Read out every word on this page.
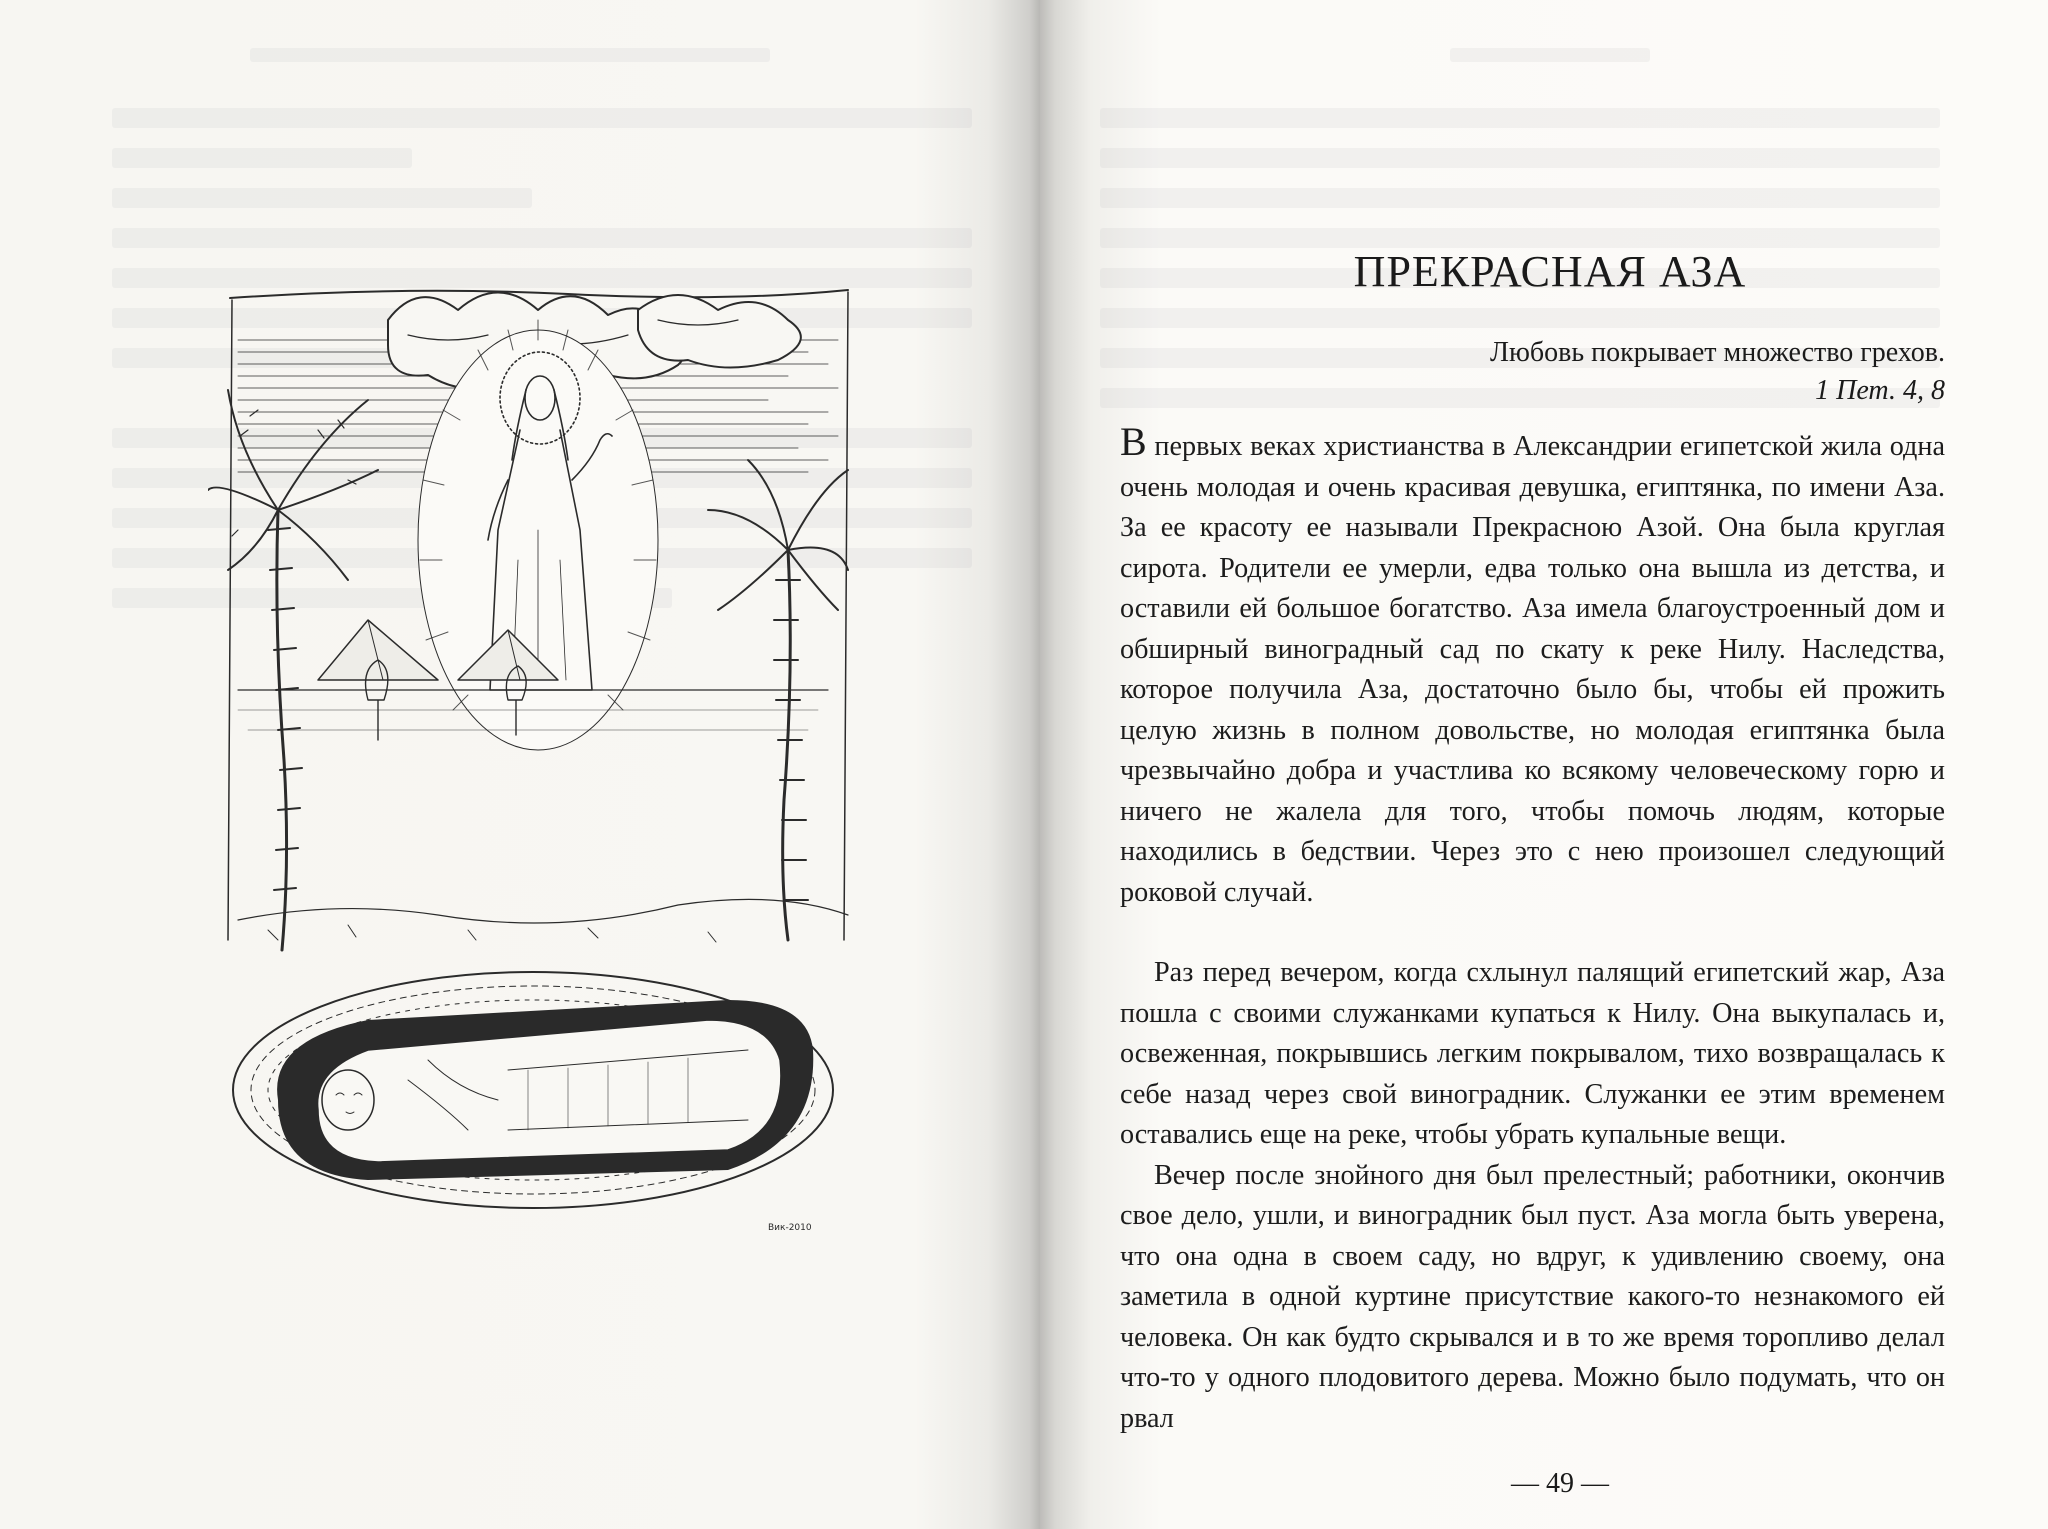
Вик-2010
ПРЕКРАСНАЯ АЗА
Любовь покрывает множество грехов.
1 Пет. 4, 8

В первых веках христианства в Александрии египетской жила одна очень молодая и очень красивая девушка, египтянка, по имени Аза. За ее красоту ее называли Прекрасною Азой. Она была круглая сирота. Родители ее умерли, едва только она вышла из детства, и оставили ей большое богатство. Аза имела благоустроенный дом и обширный виноградный сад по скату к реке Нилу. Наследства, которое получила Аза, достаточно было бы, чтобы ей прожить целую жизнь в полном довольстве, но молодая египтянка была чрезвычайно добра и участлива ко всякому человеческому горю и ничего не жалела для того, чтобы помочь людям, которые находились в бедствии. Через это с нею произошел следующий роковой случай.

Раз перед вечером, когда схлынул палящий египетский жар, Аза пошла с своими служанками купаться к Нилу. Она выкупалась и, освеженная, покрывшись легким покрывалом, тихо возвращалась к себе назад через свой виноградник. Служанки ее этим временем оставались еще на реке, чтобы убрать купальные вещи.

Вечер после знойного дня был прелестный; работники, окончив свое дело, ушли, и виноградник был пуст. Аза могла быть уверена, что она одна в своем саду, но вдруг, к удивлению своему, она заметила в одной куртине присутствие какого-то незнакомого ей человека. Он как будто скрывался и в то же время торопливо делал что-то у одного плодовитого дерева. Можно было подумать, что он рвал

— 49 —
